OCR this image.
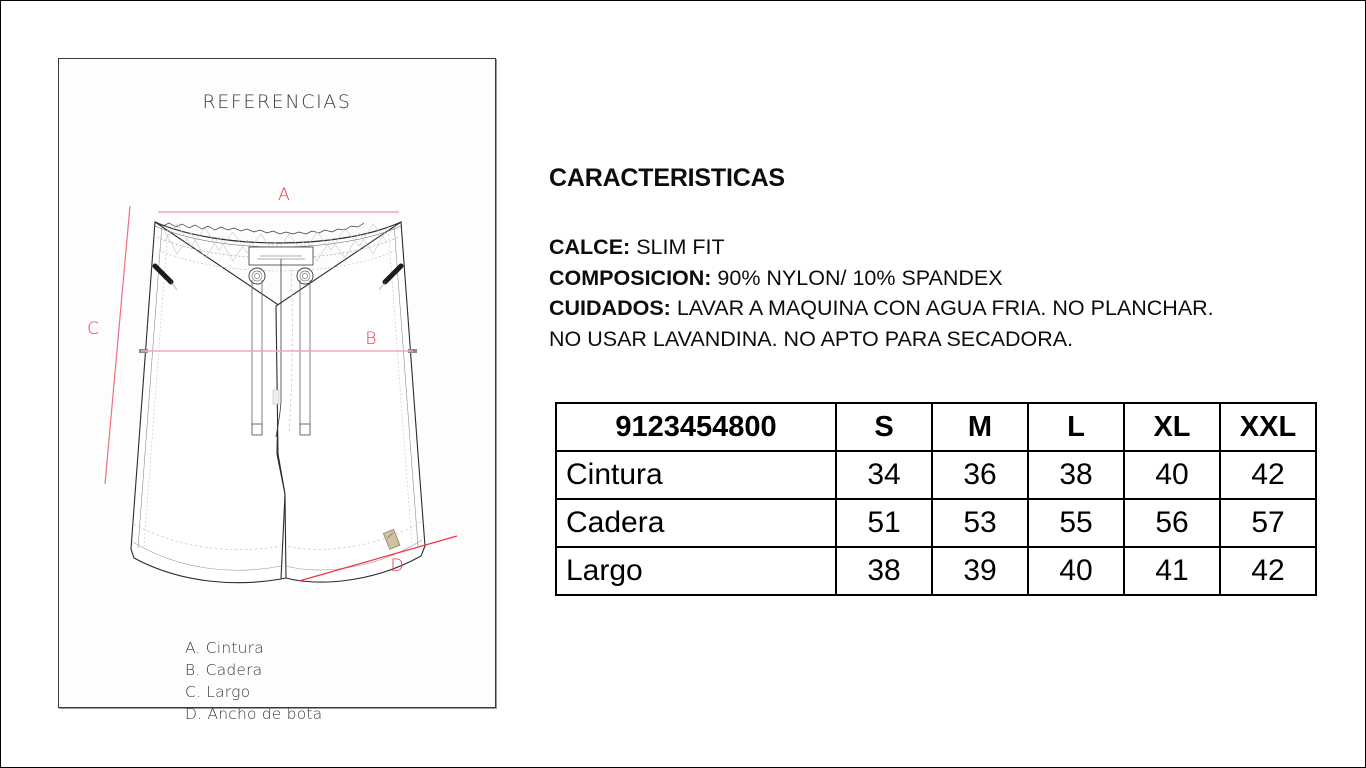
REFERENCIAS
A
B
C
D
A. Cintura
B. Cadera
C. Largo
D. Ancho de bota
CARACTERISTICAS
CALCE: SLIM FIT
COMPOSICION: 90% NYLON/ 10% SPANDEX
CUIDADOS: LAVAR A MAQUINA CON AGUA FRIA. NO PLANCHAR.
NO USAR LAVANDINA. NO APTO PARA SECADORA.
9123454800	S	M	L	XL	XXL
Cintura	34	36	38	40	42
Cadera	51	53	55	56	57
Largo	38	39	40	41	42
